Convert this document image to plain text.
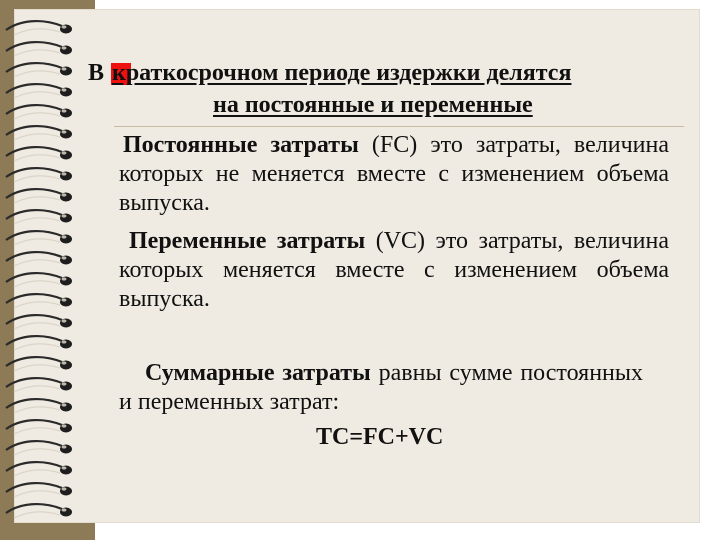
В краткосрочном периоде издержки делятся
на постоянные и переменные
Постоянные затраты (FC) это затраты, величина которых не меняется вместе с изменением объема выпуска.
Переменные затраты (VC) это затраты, величина которых меняется вместе с изменением объема выпуска.
Суммарные затраты равны сумме постоянных и переменных затрат:
TC=FC+VC
